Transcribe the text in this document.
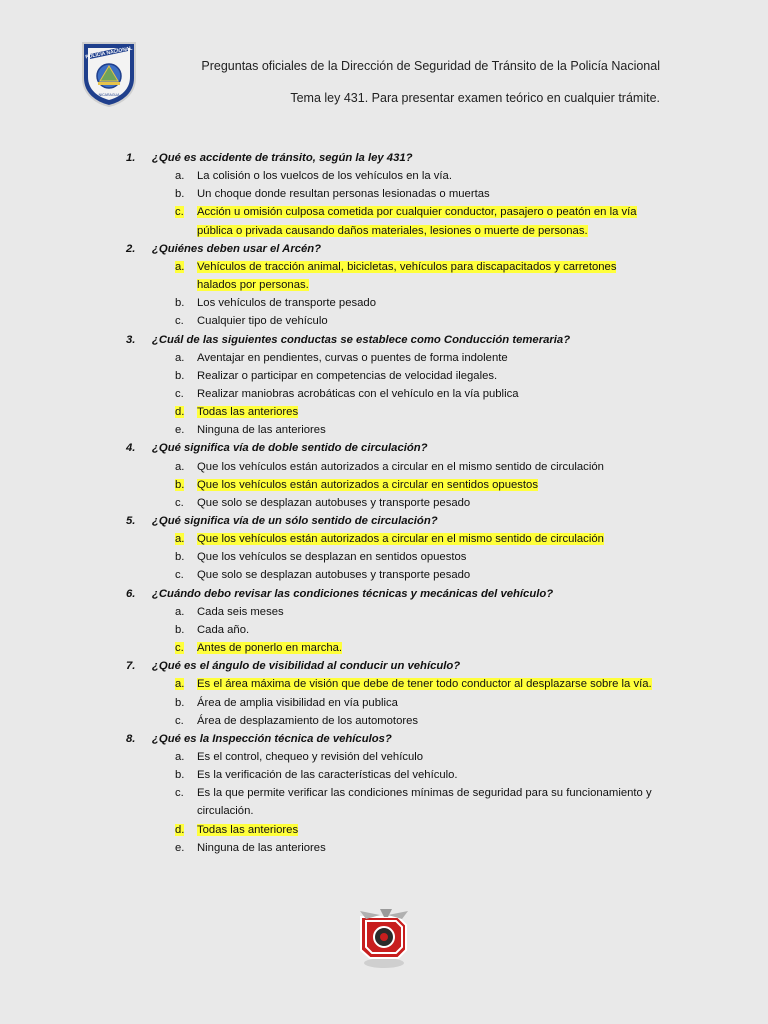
POLICIA NACIONAL
NICARAGUA
Preguntas oficiales de la Dirección de Seguridad de Tránsito de la Policía Nacional
Tema ley 431. Para presentar examen teórico en cualquier trámite.
1. ¿Qué es accidente de tránsito, según la ley 431?
a. La colisión o los vuelcos de los vehículos en la vía.
b. Un choque donde resultan personas lesionadas o muertas
c. Acción u omisión culposa cometida por cualquier conductor, pasajero o peatón en la vía
pública o privada causando daños materiales, lesiones o muerte de personas.
2. ¿Quiénes deben usar el Arcén?
a. Vehículos de tracción animal, bicicletas, vehículos para discapacitados y carretones
halados por personas.
b. Los vehículos de transporte pesado
c. Cualquier tipo de vehículo
3. ¿Cuál de las siguientes conductas se establece como Conducción temeraria?
a. Aventajar en pendientes, curvas o puentes de forma indolente
b. Realizar o participar en competencias de velocidad ilegales.
c. Realizar maniobras acrobáticas con el vehículo en la vía publica
d. Todas las anteriores
e. Ninguna de las anteriores
4. ¿Qué significa vía de doble sentido de circulación?
a. Que los vehículos están autorizados a circular en el mismo sentido de circulación
b. Que los vehículos están autorizados a circular en sentidos opuestos
c. Que solo se desplazan autobuses y transporte pesado
5. ¿Qué significa vía de un sólo sentido de circulación?
a. Que los vehículos están autorizados a circular en el mismo sentido de circulación
b. Que los vehículos se desplazan en sentidos opuestos
c. Que solo se desplazan autobuses y transporte pesado
6. ¿Cuándo debo revisar las condiciones técnicas y mecánicas del vehículo?
a. Cada seis meses
b. Cada año.
c. Antes de ponerlo en marcha.
7. ¿Qué es el ángulo de visibilidad al conducir un vehículo?
a. Es el área máxima de visión que debe de tener todo conductor al desplazarse sobre la vía.
b. Área de amplia visibilidad en vía publica
c. Área de desplazamiento de los automotores
8. ¿Qué es la Inspección técnica de vehículos?
a. Es el control, chequeo y revisión del vehículo
b. Es la verificación de las características del vehículo.
c. Es la que permite verificar las condiciones mínimas de seguridad para su funcionamiento y
circulación.
d. Todas las anteriores
e. Ninguna de las anteriores
